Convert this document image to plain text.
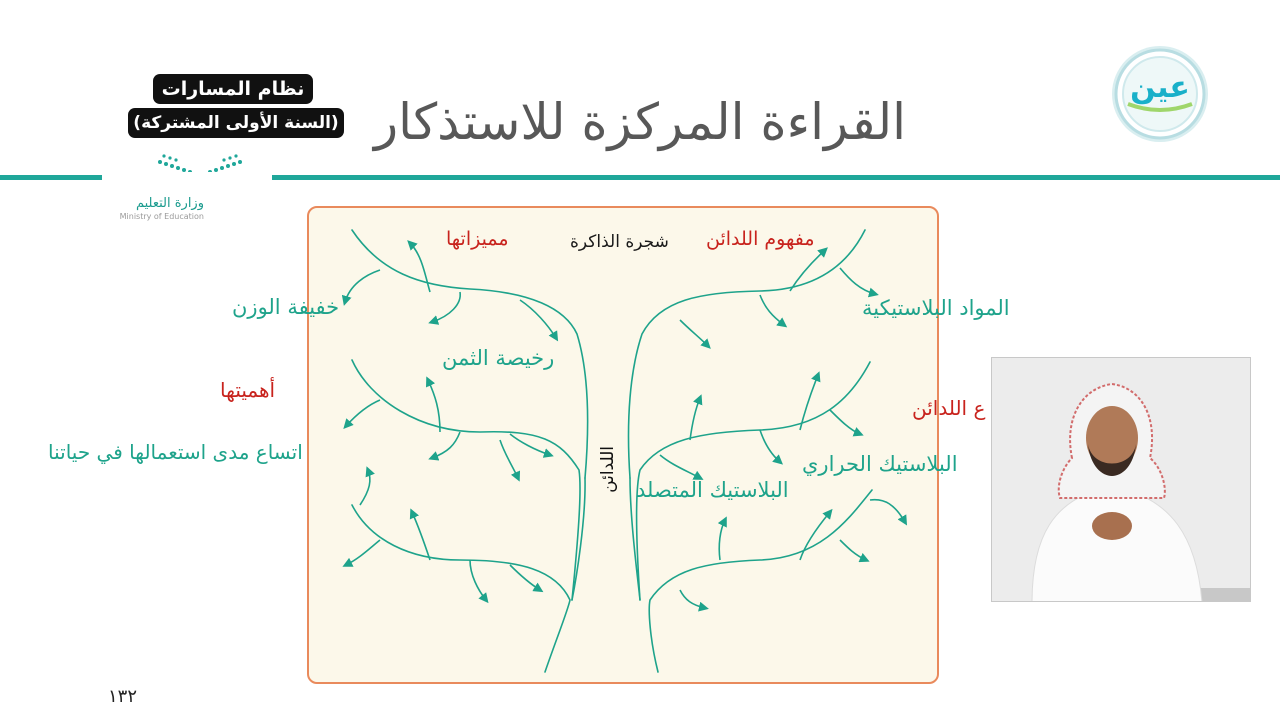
نظام المسارات
(السنة الأولى المشتركة) القراءة المركزة للاستذكار
وزارة التعليم
Ministry of Education
عين
شجرة الذاكرة
اللدائن
مميزاتها
خفيفة الوزن
رخيصة الثمن
أهميتها
اتساع مدى استعمالها في حياتنا
مفهوم اللدائن
المواد البلاستيكية
ع اللدائن
البلاستيك الحراري
البلاستيك المتصلد
١٣٢
